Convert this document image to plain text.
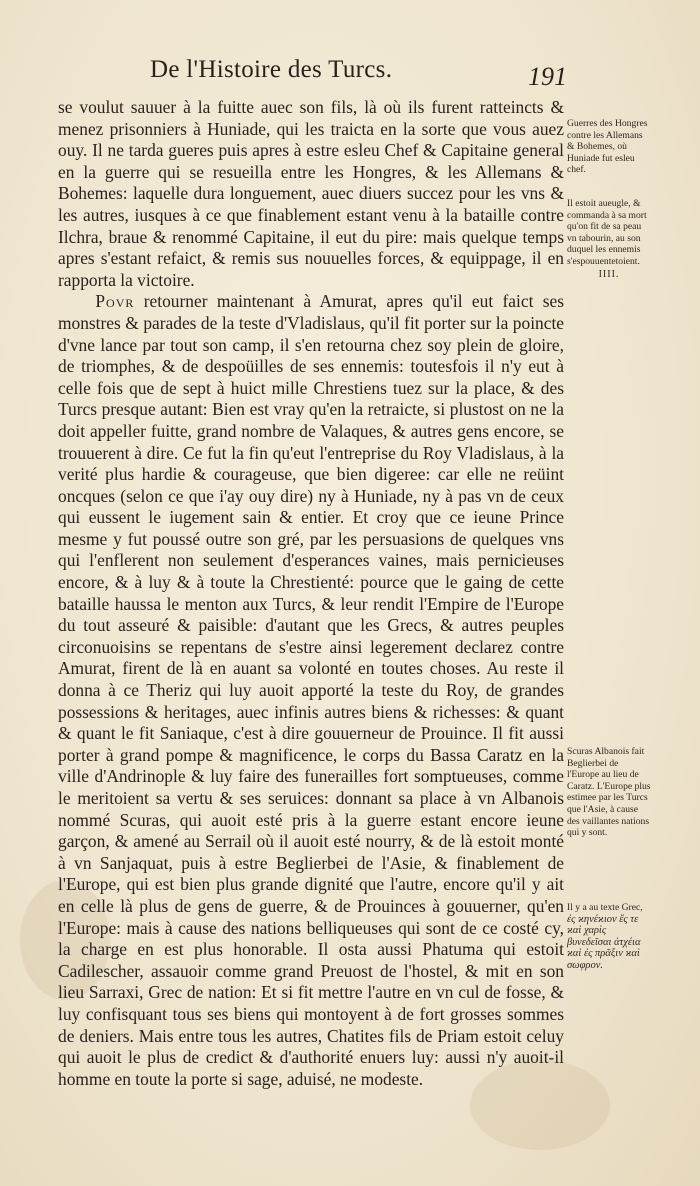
De l'Histoire des Turcs.	191

se voulut sauuer à la fuitte auec son fils, là où ils furent ratteincts & menez prisonniers à Huniade, qui les traicta en la sorte que vous auez ouy. Il ne tarda gueres puis apres à estre esleu Chef & Capitaine general en la guerre qui se resueilla entre les Hongres, & les Allemans & Bohemes: laquelle dura longuement, auec diuers succez pour les vns & les autres, iusques à ce que finablement estant venu à la bataille contre Ilchra, braue & renommé Capitaine, il eut du pire: mais quelque temps apres s'estant refaict, & remis sus nouuelles forces, & equippage, il en rapporta la victoire.

Povr retourner maintenant à Amurat, apres qu'il eut faict ses monstres & parades de la teste d'Vladislaus, qu'il fit porter sur la poincte d'vne lance par tout son camp, il s'en retourna chez soy plein de gloire, de triomphes, & de despoüilles de ses ennemis: toutesfois il n'y eut à celle fois que de sept à huict mille Chrestiens tuez sur la place, & des Turcs presque autant: Bien est vray qu'en la retraicte, si plustost on ne la doit appeller fuitte, grand nombre de Valaques, & autres gens encore, se trouuerent à dire. Ce fut la fin qu'eut l'entreprise du Roy Vladislaus, à la verité plus hardie & courageuse, que bien digeree: car elle ne reüint oncques (selon ce que i'ay ouy dire) ny à Huniade, ny à pas vn de ceux qui eussent le iugement sain & entier. Et croy que ce ieune Prince mesme y fut poussé outre son gré, par les persuasions de quelques vns qui l'enflerent non seulement d'esperances vaines, mais pernicieuses encore, & à luy & à toute la Chrestienté: pource que le gaing de cette bataille haussa le menton aux Turcs, & leur rendit l'Empire de l'Europe du tout asseuré & paisible: d'autant que les Grecs, & autres peuples circonuoisins se repentans de s'estre ainsi legerement declarez contre Amurat, firent de là en auant sa volonté en toutes choses. Au reste il donna à ce Theriz qui luy auoit apporté la teste du Roy, de grandes possessions & heritages, auec infinis autres biens & richesses: & quant & quant le fit Saniaque, c'est à dire gouuerneur de Prouince. Il fit aussi porter à grand pompe & magnificence, le corps du Bassa Caratz en la ville d'Andrinople & luy faire des funerailles fort somptueuses, comme le meritoient sa vertu & ses seruices: donnant sa place à vn Albanois nommé Scuras, qui auoit esté pris à la guerre estant encore ieune garçon, & amené au Serrail où il auoit esté nourry, & de là estoit monté à vn Sanjaquat, puis à estre Beglierbei de l'Asie, & finablement de l'Europe, qui est bien plus grande dignité que l'autre, encore qu'il y ait en celle là plus de gens de guerre, & de Prouinces à gouuerner, qu'en l'Europe: mais à cause des nations belliqueuses qui sont de ce costé cy, la charge en est plus honorable. Il osta aussi Phatuma qui estoit Cadilescher, assauoir comme grand Preuost de l'hostel, & mit en son lieu Sarraxi, Grec de nation: Et si fit mettre l'autre en vn cul de fosse, & luy confisquant tous ses biens qui montoyent à de fort grosses sommes de deniers. Mais entre tous les autres, Chatites fils de Priam estoit celuy qui auoit le plus de credict & d'authorité enuers luy: aussi n'y auoit-il homme en toute la porte si sage, aduisé, ne modeste.

Guerres des Hongres contre les Allemans & Bohemes, où Huniade fut esleu chef.
Il estoit aueugle, & commanda à sa mort qu'on fit de sa peau vn tabourin, au son duquel les ennemis s'espouuentetoient.
IIII.
Scuras Albanois fait Beglierbei de l'Europe au lieu de Caratz. L'Europe plus estimee par les Turcs que l'Asie, à cause des vaillantes nations qui y sont.
Il y a au texte Grec, ἐς ϰηνέϰιον ἔς τε ϰαὶ χαρὶς βυνεδεῖσαι ἀτχέια ϰαὶ ἐς πρᾶξιν ϰαὶ σωφρον.
